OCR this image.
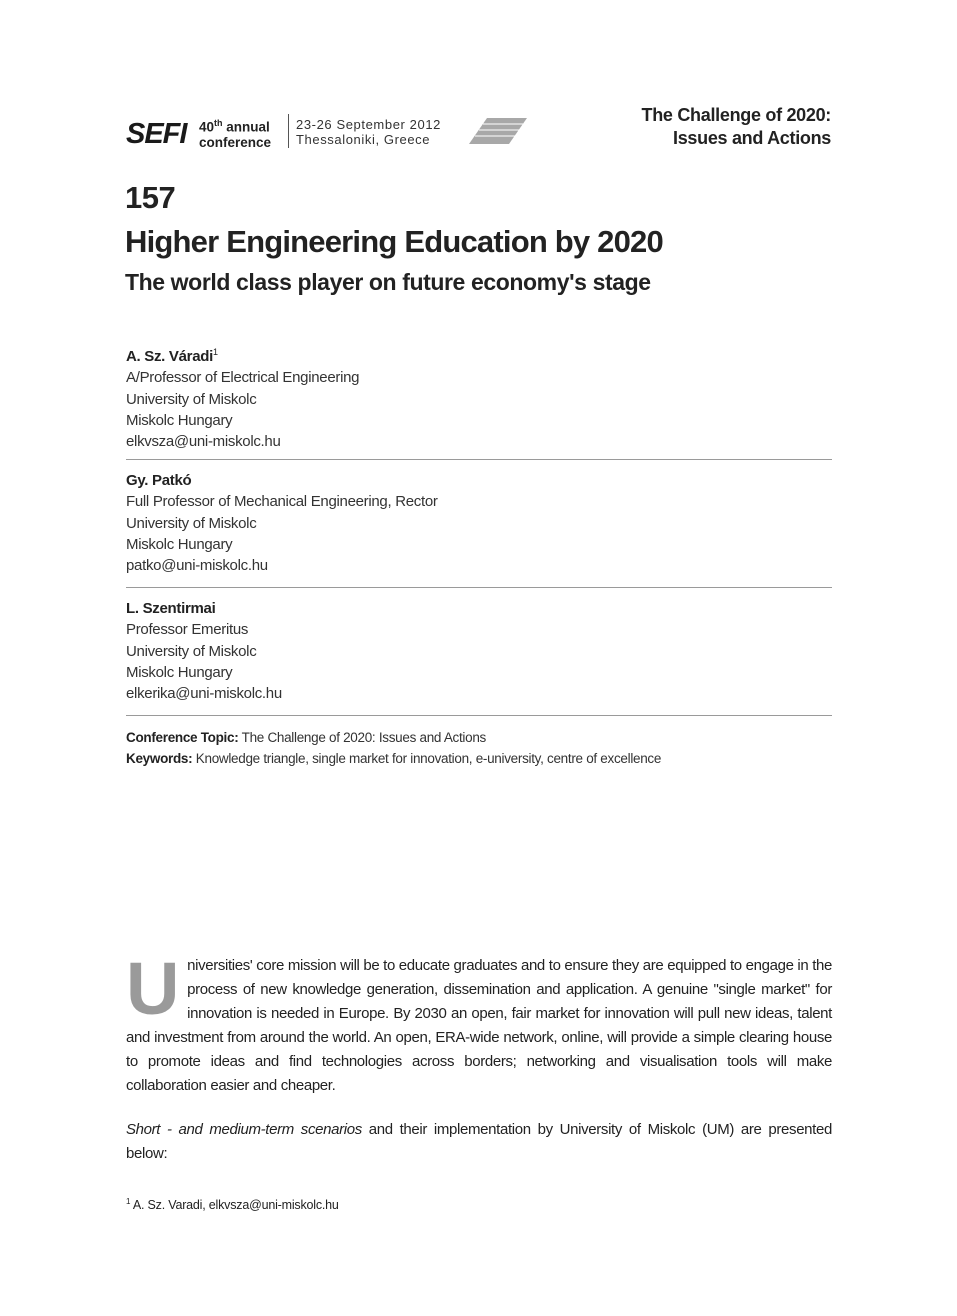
SEFI 40th annual
conference
23-26 September 2012
Thessaloniki, Greece
The Challenge of 2020:
Issues and Actions
157
Higher Engineering Education by 2020
The world class player on future economy's stage
A. Sz. Váradi$^1$
A/Professor of Electrical Engineering
University of Miskolc
Miskolc Hungary
elkvsza@uni-miskolc.hu
Gy. Patkó
Full Professor of Mechanical Engineering, Rector
University of Miskolc
Miskolc Hungary
patko@uni-miskolc.hu
L. Szentirmai
Professor Emeritus
University of Miskolc
Miskolc Hungary
elkerika@uni-miskolc.hu
Conference Topic: The Challenge of 2020: Issues and Actions
Keywords: Knowledge triangle, single market for innovation, e-university, centre of excellence
Universities' core mission will be to educate graduates and to ensure they are equipped to engage in the process of new knowledge generation, dissemination and application. A genuine "single market" for innovation is needed in Europe. By 2030 an open, fair market for innovation will pull new ideas, talent and investment from around the world. An open, ERA-wide network, online, will provide a simple clearing house to promote ideas and find technologies across borders; networking and visualisation tools will make collaboration easier and cheaper.
Short - and medium-term scenarios and their implementation by University of Miskolc (UM) are presented below:
$^1$ A. Sz. Varadi, elkvsza@uni-miskolc.hu
